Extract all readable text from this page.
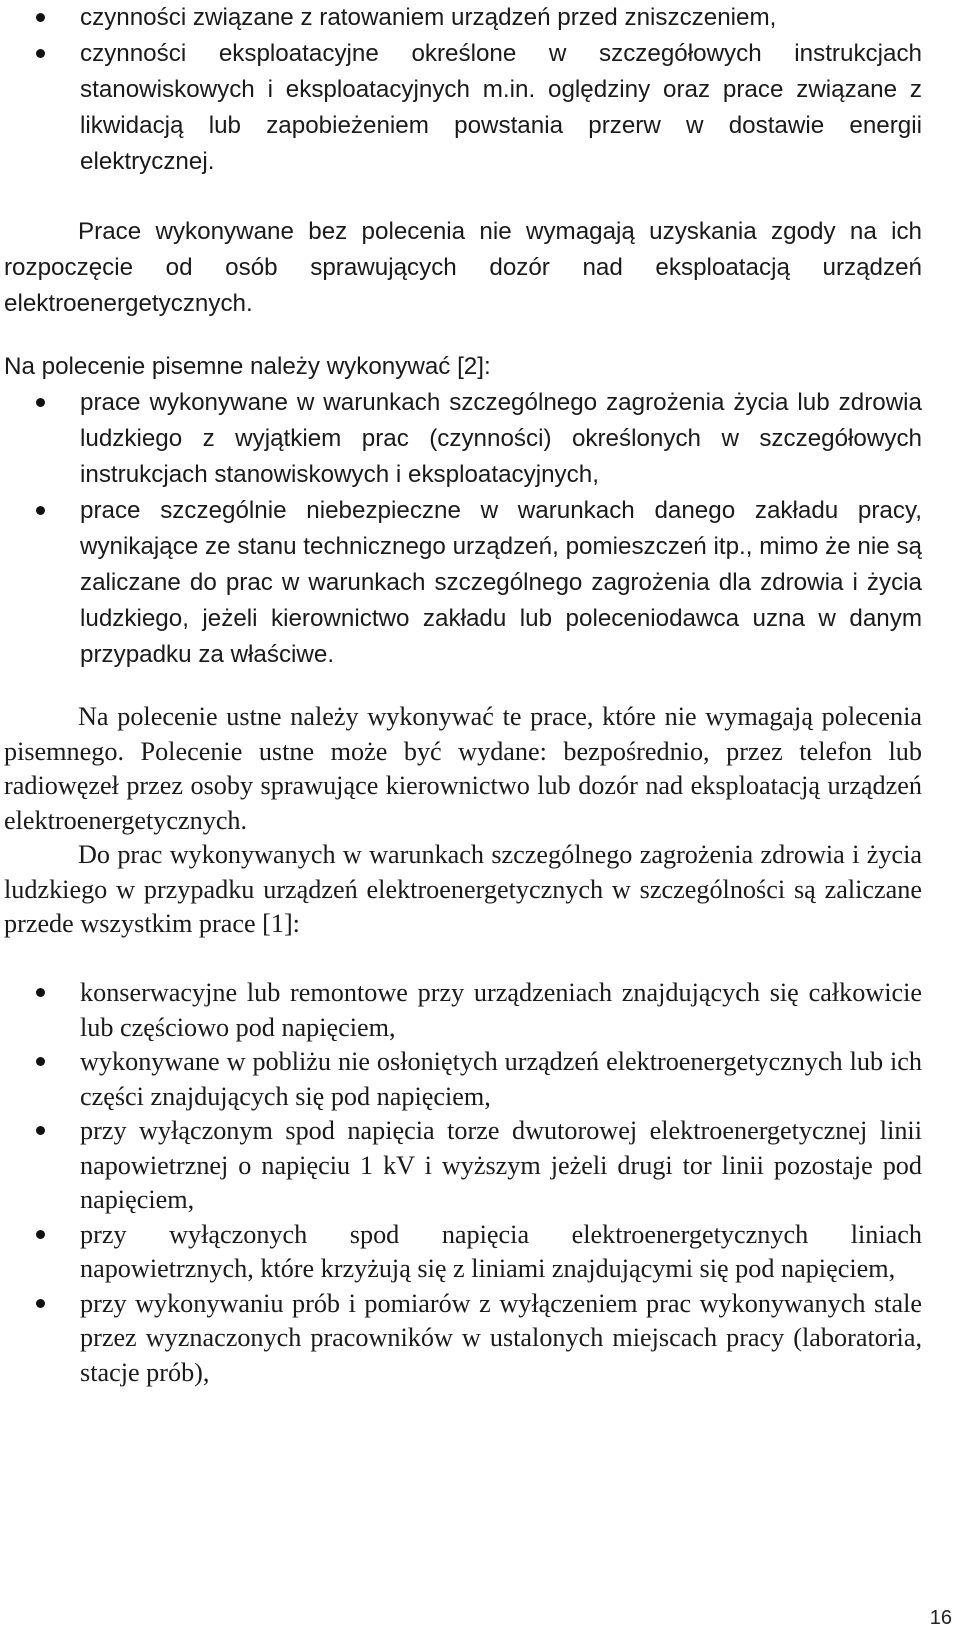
czynności związane z ratowaniem urządzeń przed zniszczeniem,
czynności eksploatacyjne określone w szczegółowych instrukcjach stanowiskowych i eksploatacyjnych m.in. oględziny oraz prace związane z likwidacją lub zapobieżeniem powstania przerw w dostawie energii elektrycznej.

Prace wykonywane bez polecenia nie wymagają uzyskania zgody na ich rozpoczęcie od osób sprawujących dozór nad eksploatacją urządzeń elektroenergetycznych.

Na polecenie pisemne należy wykonywać [2]:

prace wykonywane w warunkach szczególnego zagrożenia życia lub zdrowia ludzkiego z wyjątkiem prac (czynności) określonych w szczegółowych instrukcjach stanowiskowych i eksploatacyjnych,
prace szczególnie niebezpieczne w warunkach danego zakładu pracy, wynikające ze stanu technicznego urządzeń, pomieszczeń itp., mimo że nie są zaliczane do prac w warunkach szczególnego zagrożenia dla zdrowia i życia ludzkiego, jeżeli kierownictwo zakładu lub poleceniodawca uzna w danym przypadku za właściwe.

Na polecenie ustne należy wykonywać te prace, które nie wymagają polecenia pisemnego. Polecenie ustne może być wydane: bezpośrednio, przez telefon lub radiowęzeł przez osoby sprawujące kierownictwo lub dozór nad eksploatacją urządzeń elektroenergetycznych.

Do prac wykonywanych w warunkach szczególnego zagrożenia zdrowia i życia ludzkiego w przypadku urządzeń elektroenergetycznych w szczególności są zaliczane przede wszystkim prace [1]:

konserwacyjne lub remontowe przy urządzeniach znajdujących się całkowicie lub częściowo pod napięciem,
wykonywane w pobliżu nie osłoniętych urządzeń elektroenergetycznych lub ich części znajdujących się pod napięciem,
przy wyłączonym spod napięcia torze dwutorowej elektroenergetycznej linii napowietrznej o napięciu 1 kV i wyższym jeżeli drugi tor linii pozostaje pod napięciem,
przy wyłączonych spod napięcia elektroenergetycznych liniach napowietrznych, które krzyżują się z liniami znajdującymi się pod napięciem,
przy wykonywaniu prób i pomiarów z wyłączeniem prac wykonywanych stale przez wyznaczonych pracowników w ustalonych miejscach pracy (laboratoria, stacje prób),
16
